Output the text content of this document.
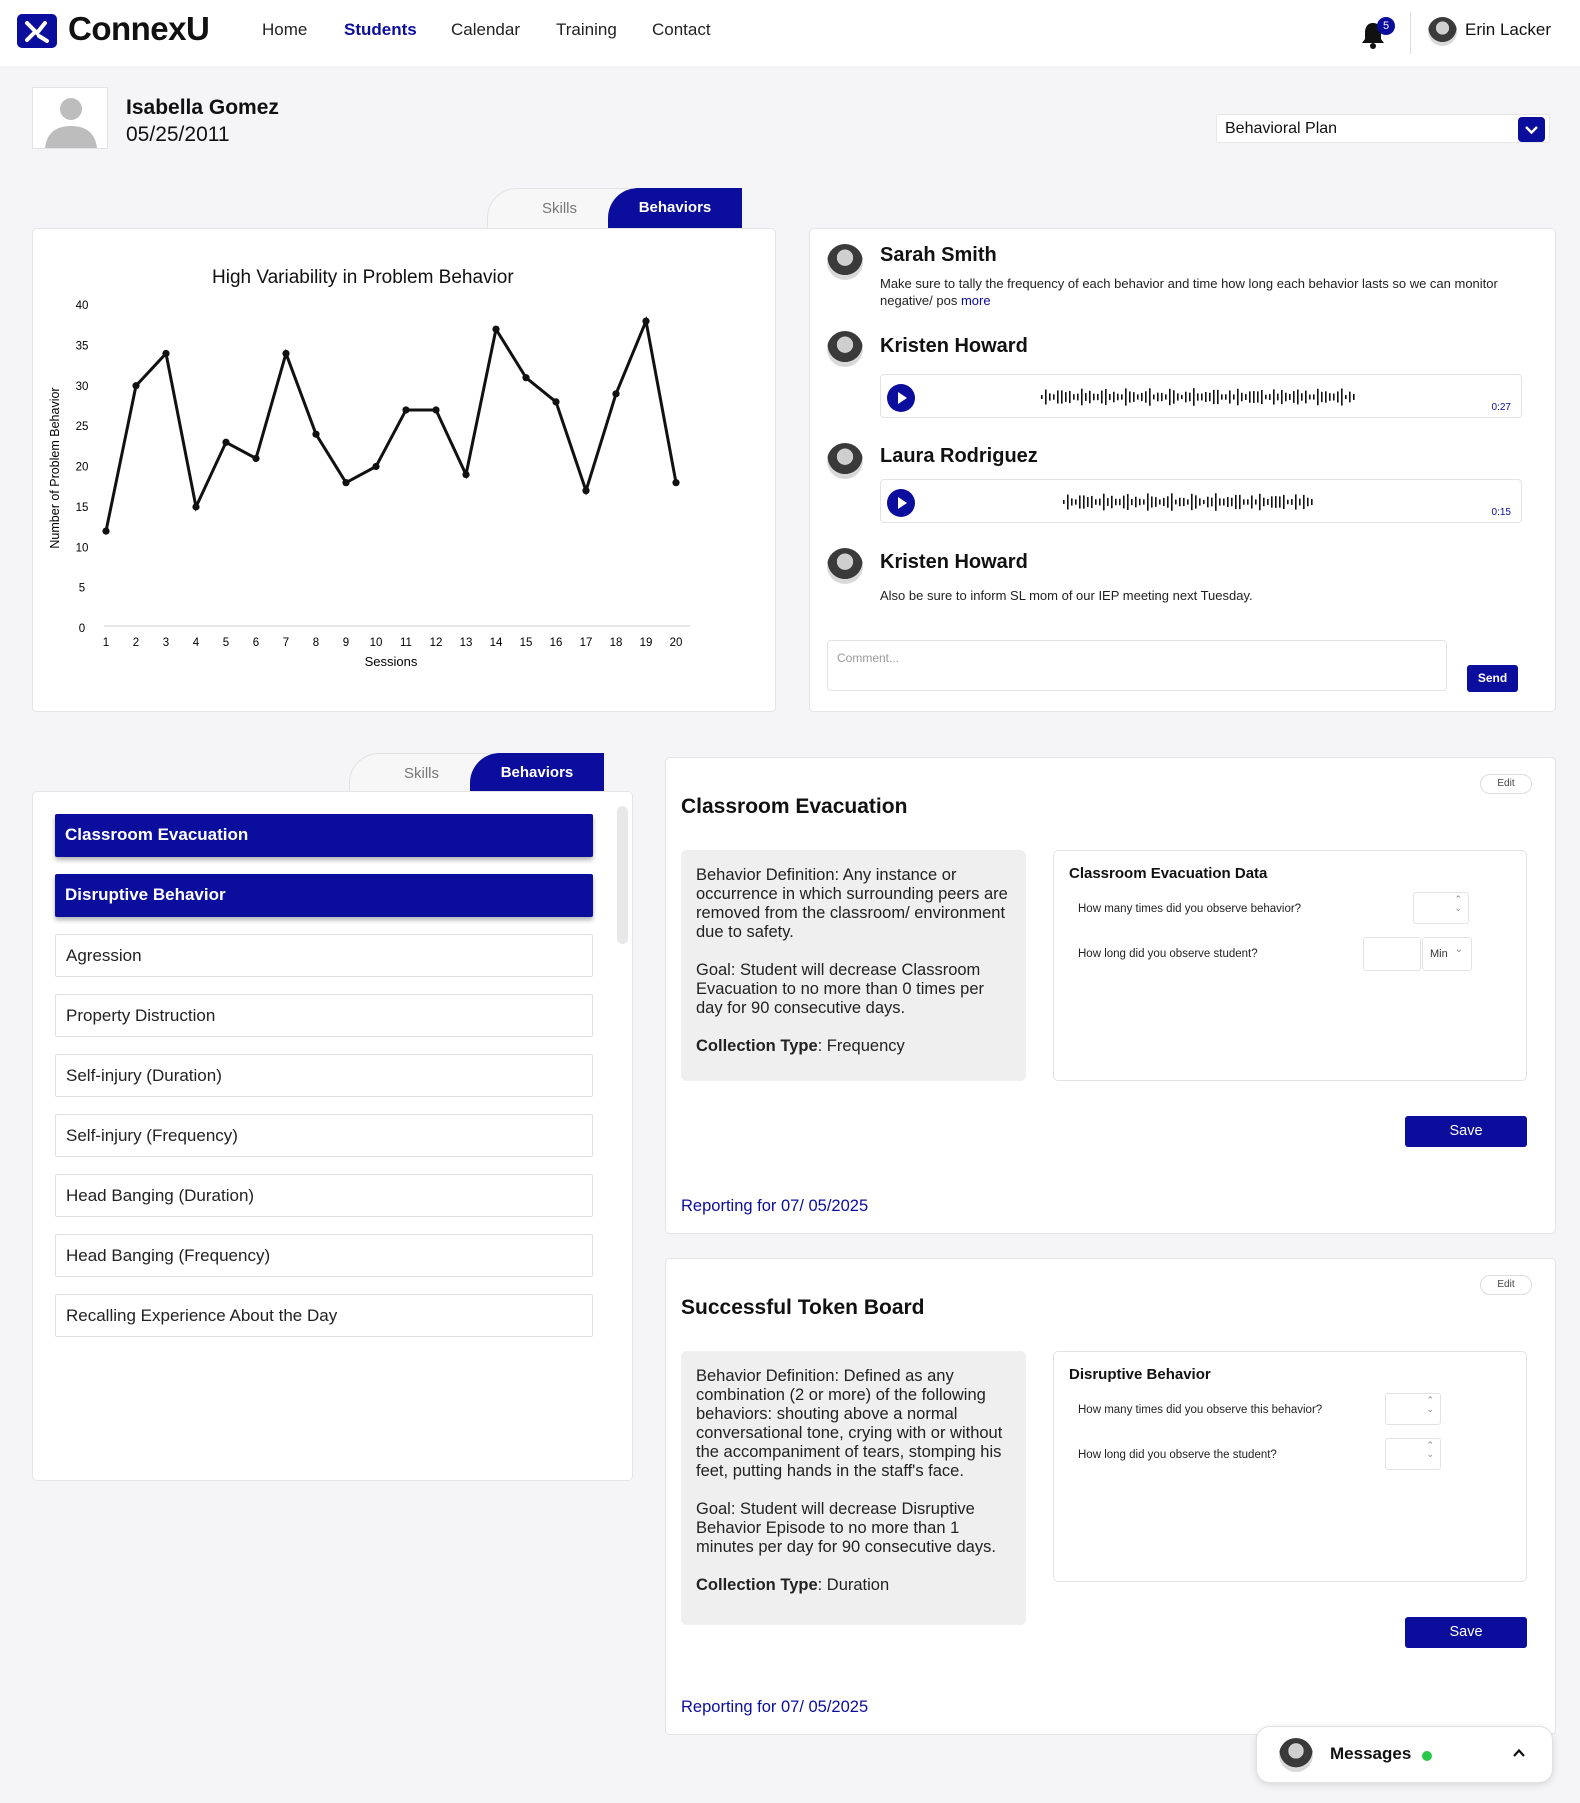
ConnexU	Home Students Calendar Training Contact	5	Erin Lacker
Isabella Gomez
05/25/2011	Behavioral Plan
Skills	Behaviors
High Variability in Problem Behavior
0
5
10
15
20
25
30
35
40
1 2 3 4 5 6 7 8 9 10 11 12 13 14 15 16 17 18 19 20
Sessions
Number of Problem Behavior
Sarah Smith
Make sure to tally the frequency of each behavior and time how long each behavior lasts so we can monitor negative/ pos more
Kristen Howard
0:27
Laura Rodriguez
0:15
Kristen Howard
Also be sure to inform SL mom of our IEP meeting next Tuesday.
Comment...
Send
Skills	Behaviors
Classroom Evacuation
Disruptive Behavior
Agression
Property Distruction
Self-injury (Duration)
Self-injury (Frequency)
Head Banging (Duration)
Head Banging (Frequency)
Recalling Experience About the Day
Classroom Evacuation
Edit

Behavior Definition: Any instance or occurrence in which surrounding peers are removed from the classroom/ environment due to safety.

Goal: Student will decrease Classroom Evacuation to no more than 0 times per day for 90 consecutive days.

Collection Type: Frequency

Classroom Evacuation Data
How many times did you observe behavior?
⌃ ⌄
How long did you observe student?	Min ⌄
Save
Reporting for 07/ 05/2025
Successful Token Board
Edit

Behavior Definition: Defined as any combination (2 or more) of the following behaviors: shouting above a normal conversational tone, crying with or without the accompaniment of tears, stomping his feet, putting hands in the staff's face.

Goal: Student will decrease Disruptive Behavior Episode to no more than 1 minutes per day for 90 consecutive days.

Collection Type: Duration

Disruptive Behavior
How many times did you observe this behavior?
⌃ ⌄
How long did you observe the student?
⌃ ⌄
Save
Reporting for 07/ 05/2025
Messages
